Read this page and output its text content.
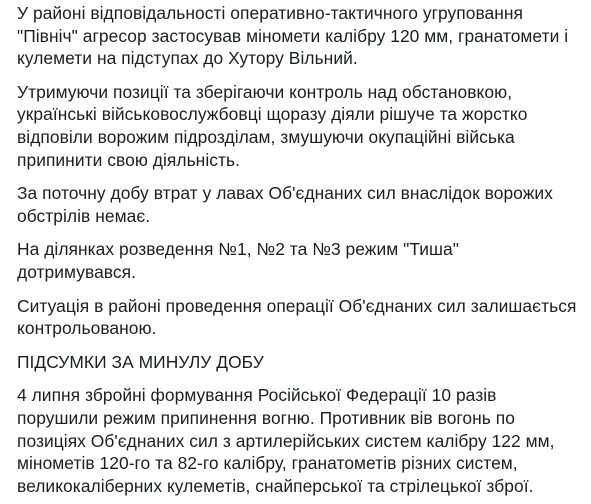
У районі відповідальності оперативно-тактичного угруповання "Північ" агресор застосував міномети калібру 120 мм, гранатомети і кулемети на підступах до Хутору Вільний.

Утримуючи позиції та зберігаючи контроль над обстановкою, українські військовослужбовці щоразу діяли рішуче та жорстко відповіли ворожим підрозділам, змушуючи окупаційні війська припинити свою діяльність.

За поточну добу втрат у лавах Об'єднаних сил внаслідок ворожих обстрілів немає.

На ділянках розведення №1, №2 та №3 режим "Тиша" дотримувався.

Ситуація в районі проведення операції Об'єднаних сил залишається контрольованою.

ПІДСУМКИ ЗА МИНУЛУ ДОБУ

4 липня збройні формування Російської Федерації 10 разів порушили режим припинення вогню. Противник вів вогонь по позиціях Об'єднаних сил з артилерійських систем калібру 122 мм, мінометів 120-го та 82-го калібру, гранатометів різних систем, великокаліберних кулеметів, снайперської та стрілецької зброї.
